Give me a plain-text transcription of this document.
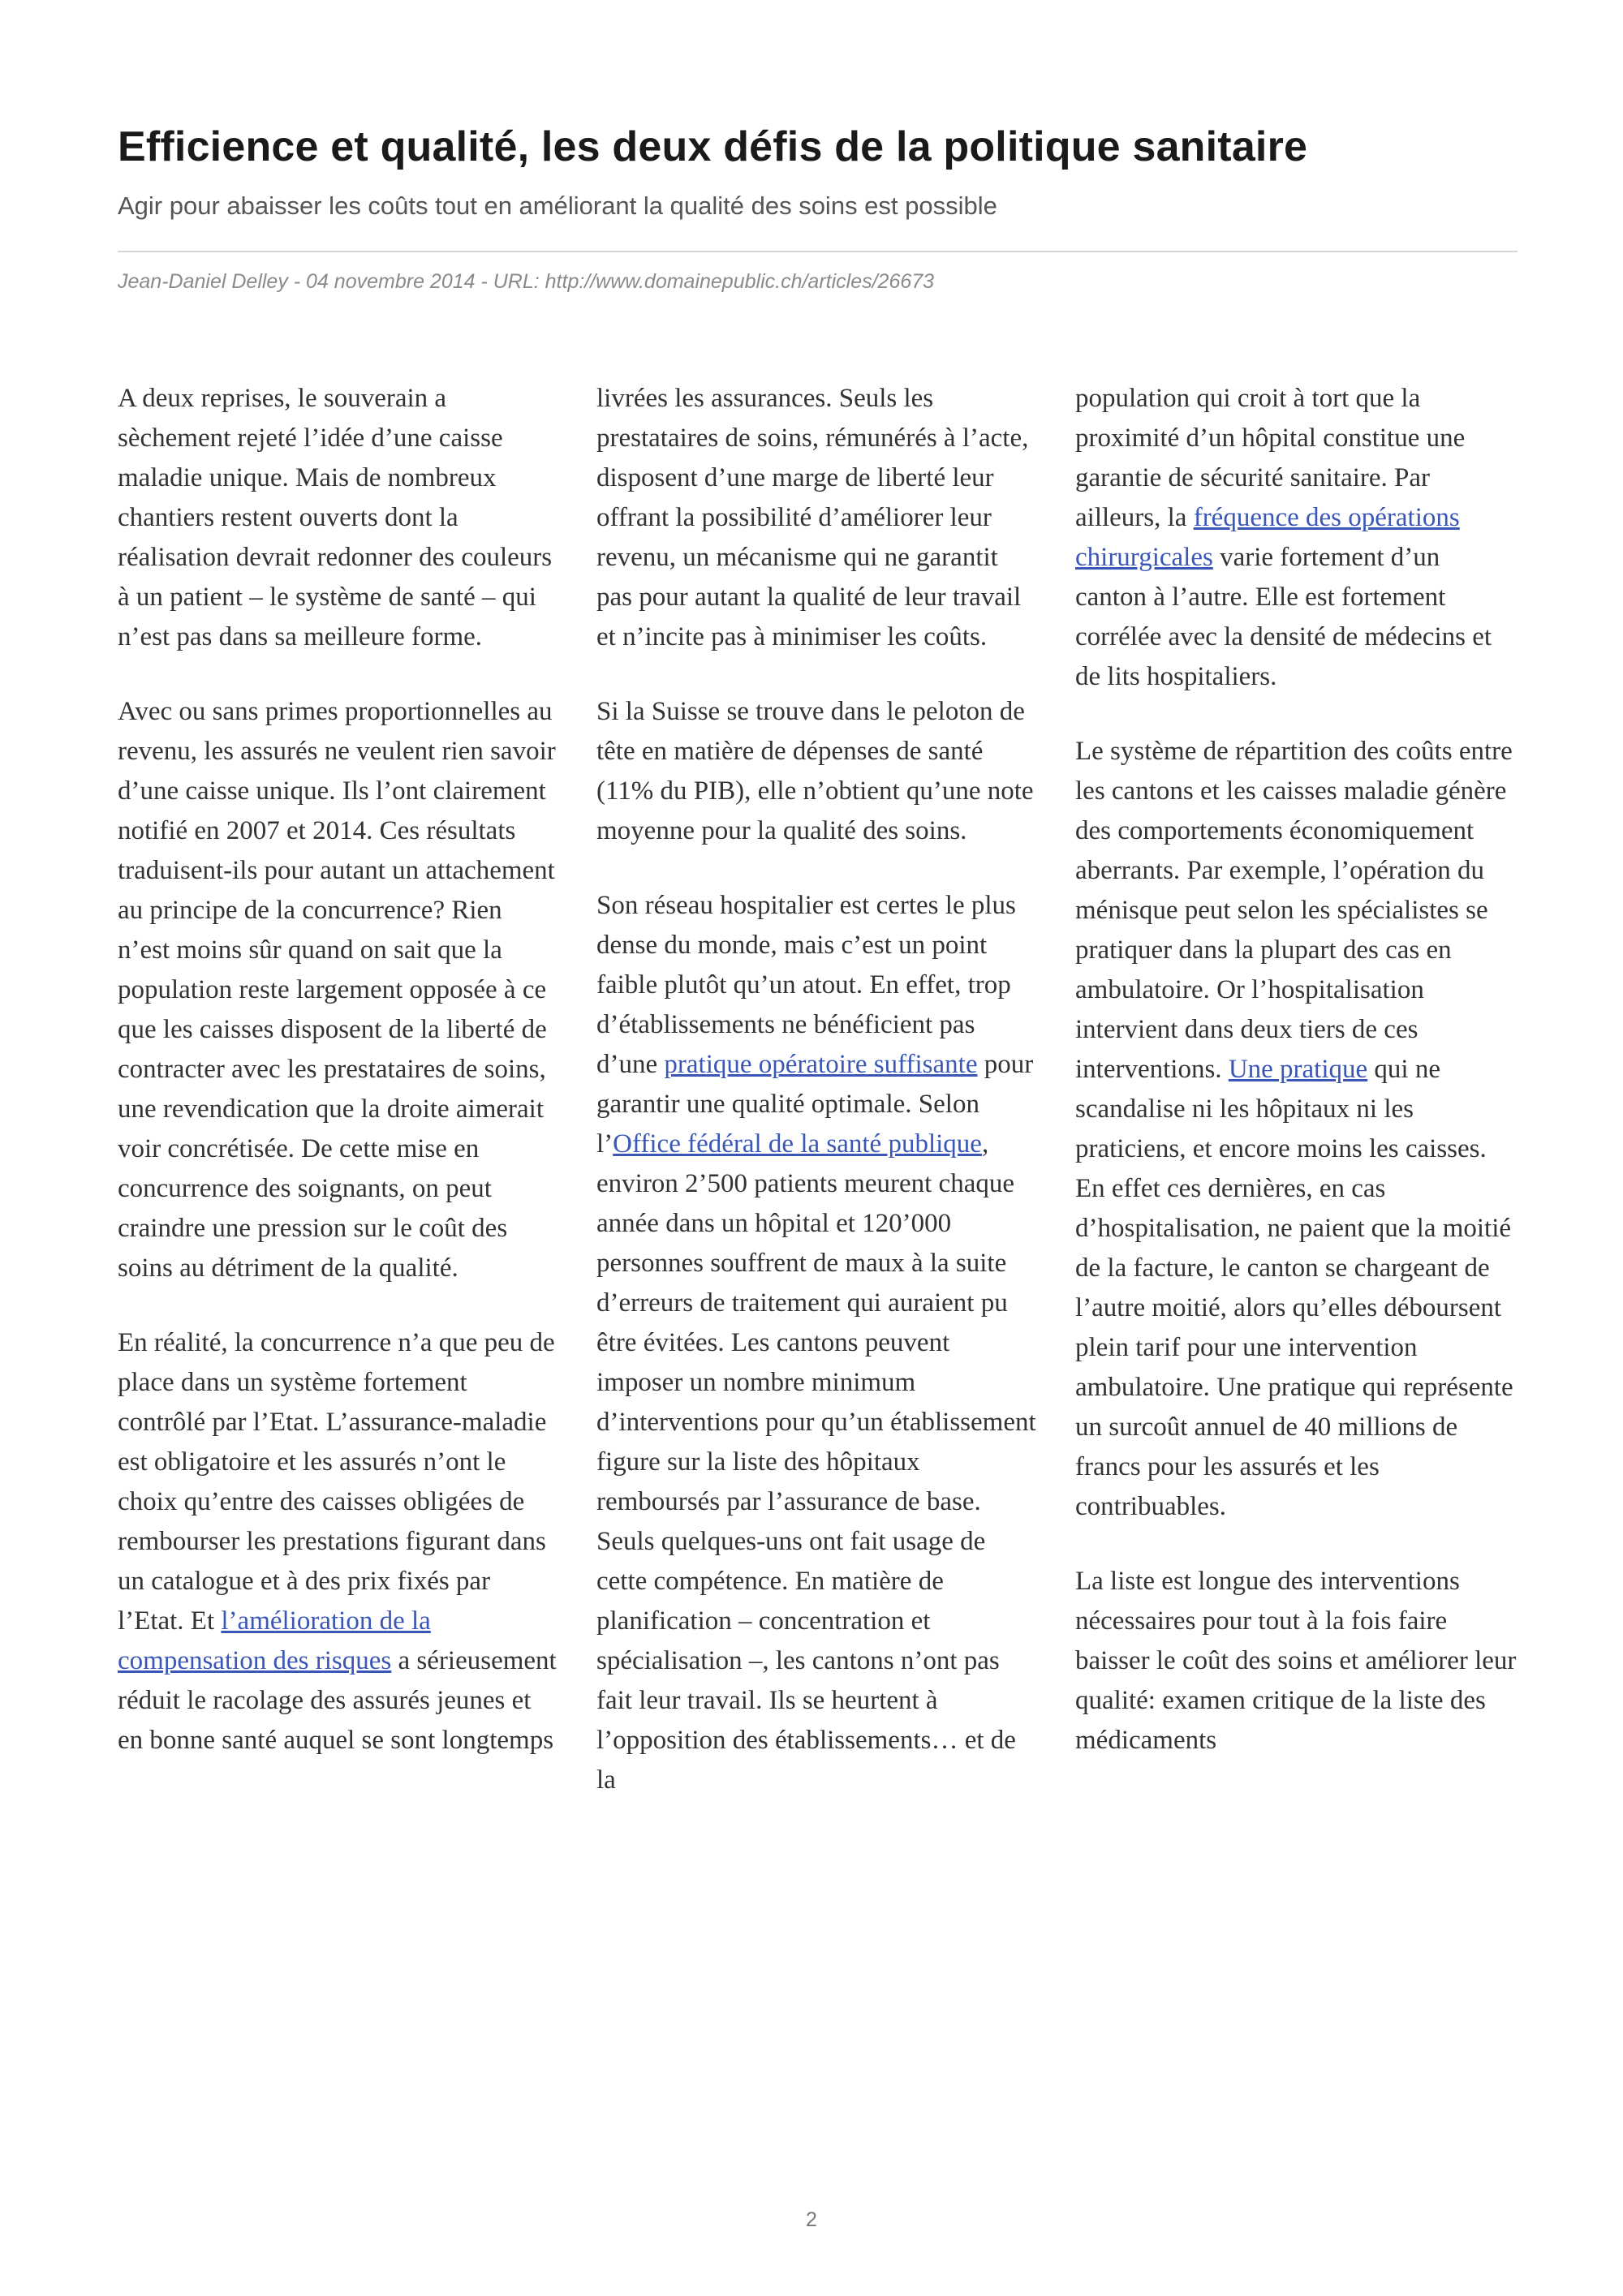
Efficience et qualité, les deux défis de la politique sanitaire
Agir pour abaisser les coûts tout en améliorant la qualité des soins est possible
Jean-Daniel Delley - 04 novembre 2014 - URL: http://www.domainepublic.ch/articles/26673

A deux reprises, le souverain a sèchement rejeté l’idée d’une caisse maladie unique. Mais de nombreux chantiers restent ouverts dont la réalisation devrait redonner des couleurs à un patient – le système de santé – qui n’est pas dans sa meilleure forme.

Avec ou sans primes proportionnelles au revenu, les assurés ne veulent rien savoir d’une caisse unique. Ils l’ont clairement notifié en 2007 et 2014. Ces résultats traduisent-ils pour autant un attachement au principe de la concurrence? Rien n’est moins sûr quand on sait que la population reste largement opposée à ce que les caisses disposent de la liberté de contracter avec les prestataires de soins, une revendication que la droite aimerait voir concrétisée. De cette mise en concurrence des soignants, on peut craindre une pression sur le coût des soins au détriment de la qualité.

En réalité, la concurrence n’a que peu de place dans un système fortement contrôlé par l’Etat. L’assurance-maladie est obligatoire et les assurés n’ont le choix qu’entre des caisses obligées de rembourser les prestations figurant dans un catalogue et à des prix fixés par l’Etat. Et l’amélioration de la compensation des risques a sérieusement réduit le racolage des assurés jeunes et en bonne santé auquel se sont longtemps

livrées les assurances. Seuls les prestataires de soins, rémunérés à l’acte, disposent d’une marge de liberté leur offrant la possibilité d’améliorer leur revenu, un mécanisme qui ne garantit pas pour autant la qualité de leur travail et n’incite pas à minimiser les coûts.

Si la Suisse se trouve dans le peloton de tête en matière de dépenses de santé (11% du PIB), elle n’obtient qu’une note moyenne pour la qualité des soins.

Son réseau hospitalier est certes le plus dense du monde, mais c’est un point faible plutôt qu’un atout. En effet, trop d’établissements ne bénéficient pas d’une pratique opératoire suffisante pour garantir une qualité optimale. Selon l’Office fédéral de la santé publique, environ 2’500 patients meurent chaque année dans un hôpital et 120’000 personnes souffrent de maux à la suite d’erreurs de traitement qui auraient pu être évitées. Les cantons peuvent imposer un nombre minimum d’interventions pour qu’un établissement figure sur la liste des hôpitaux remboursés par l’assurance de base. Seuls quelques-uns ont fait usage de cette compétence. En matière de planification – concentration et spécialisation –, les cantons n’ont pas fait leur travail. Ils se heurtent à l’opposition des établissements… et de la

population qui croit à tort que la proximité d’un hôpital constitue une garantie de sécurité sanitaire. Par ailleurs, la fréquence des opérations chirurgicales varie fortement d’un canton à l’autre. Elle est fortement corrélée avec la densité de médecins et de lits hospitaliers.

Le système de répartition des coûts entre les cantons et les caisses maladie génère des comportements économiquement aberrants. Par exemple, l’opération du ménisque peut selon les spécialistes se pratiquer dans la plupart des cas en ambulatoire. Or l’hospitalisation intervient dans deux tiers de ces interventions. Une pratique qui ne scandalise ni les hôpitaux ni les praticiens, et encore moins les caisses. En effet ces dernières, en cas d’hospitalisation, ne paient que la moitié de la facture, le canton se chargeant de l’autre moitié, alors qu’elles déboursent plein tarif pour une intervention ambulatoire. Une pratique qui représente un surcoût annuel de 40 millions de francs pour les assurés et les contribuables.

La liste est longue des interventions nécessaires pour tout à la fois faire baisser le coût des soins et améliorer leur qualité: examen critique de la liste des médicaments

2
